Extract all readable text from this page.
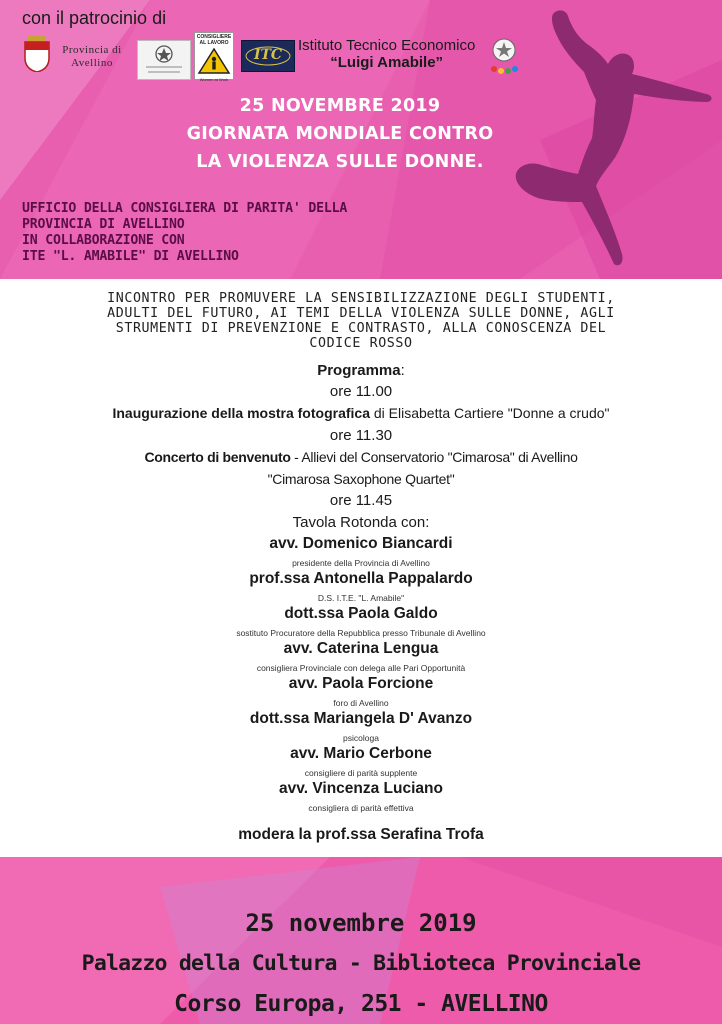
con il patrocinio di
Provincia di Avellino
CONSIGLIERE AL LAVORO
Women at Work
ITC
Istituto Tecnico Economico
“Luigi Amabile”
25 NOVEMBRE 2019
GIORNATA MONDIALE CONTRO
LA VIOLENZA SULLE DONNE.
UFFICIO DELLA CONSIGLIERA DI PARITA' DELLA
PROVINCIA DI AVELLINO
IN COLLABORAZIONE CON
ITE "L. AMABILE" DI AVELLINO
INCONTRO PER PROMUVERE LA SENSIBILIZZAZIONE DEGLI STUDENTI,
ADULTI DEL FUTURO, AI TEMI DELLA VIOLENZA SULLE DONNE, AGLI
STRUMENTI DI PREVENZIONE E CONTRASTO, ALLA CONOSCENZA DEL
CODICE ROSSO
Programma:
ore 11.00
Inaugurazione della mostra fotografica di Elisabetta Cartiere "Donne a crudo"
ore 11.30
Concerto di benvenuto - Allievi del Conservatorio "Cimarosa" di Avellino
"Cimarosa Saxophone Quartet"
ore 11.45
Tavola Rotonda con:
avv. Domenico Biancardi
presidente della Provincia di Avellino
prof.ssa Antonella Pappalardo
D.S. I.T.E. "L. Amabile"
dott.ssa Paola Galdo
sostituto Procuratore della Repubblica presso Tribunale di Avellino
avv. Caterina Lengua
consigliera Provinciale con delega alle Pari Opportunità
avv. Paola Forcione
foro di Avellino
dott.ssa Mariangela D' Avanzo
psicologa
avv. Mario Cerbone
consigliere di parità supplente
avv. Vincenza Luciano
consigliera di parità effettiva
modera la prof.ssa Serafina Trofa
25 novembre 2019
Palazzo della Cultura - Biblioteca Provinciale
Corso Europa, 251 - AVELLINO
